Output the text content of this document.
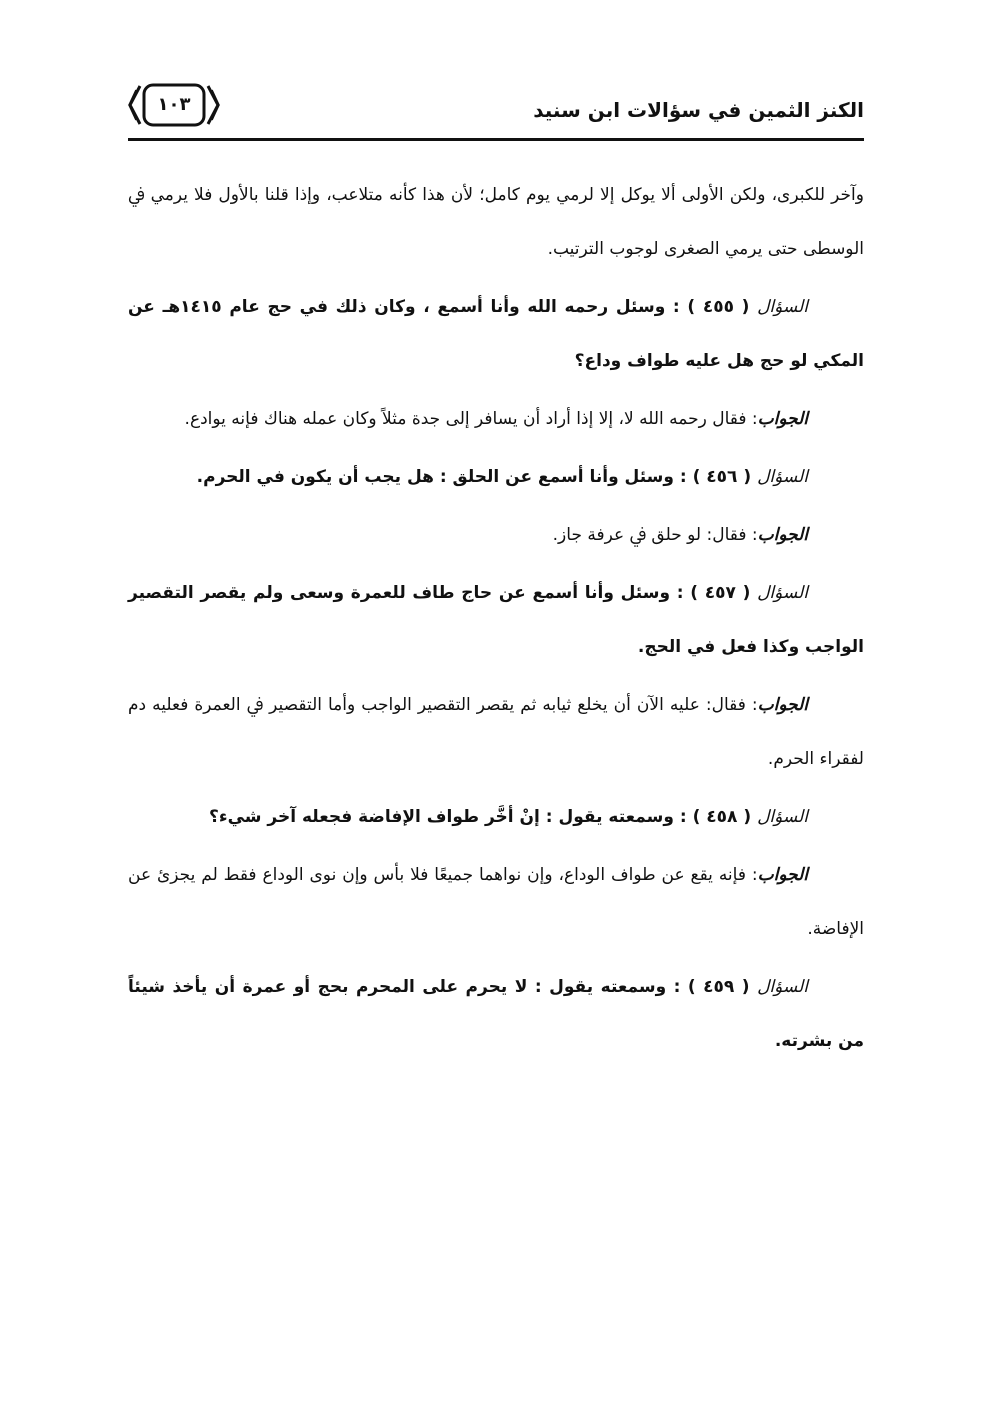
١٠٣	الكنز الثمين في سؤالات ابن سنيد

وآخر للكبرى، ولكن الأولى ألا يوكل إلا لرمي يوم كامل؛ لأن هذا كأنه متلاعب، وإذا قلنا بالأول فلا يرمي ﰲ الوسطى حتى يرمي الصغرى لوجوب الترتيب.

السؤال ( ٤٥٥ ) : وسئل رحمه الله وأنا أسمع ، وكان ذلك في حج عام ١٤١٥هـ عن المكي لو حج هل عليه طواف وداع؟

الجواب: فقال رحمه الله لا، إلا إذا أراد أن يسافر إلى جدة مثلاً وكان عمله هناك فإنه يوادع.

السؤال ( ٤٥٦ ) : وسئل وأنا أسمع عن الحلق : هل يجب أن يكون في الحرم.

الجواب: فقال: لو حلق ﰲ عرفة جاز.

السؤال ( ٤٥٧ ) : وسئل وأنا أسمع عن حاج طاف للعمرة وسعى ولم يقصر التقصير الواجب وكذا فعل في الحج.

الجواب: فقال: عليه الآن أن يخلع ثيابه ثم يقصر التقصير الواجب وأما التقصير ﰲ العمرة فعليه دم لفقراء الحرم.

السؤال ( ٤٥٨ ) : وسمعته يقول : إنْ أخَّر طواف الإفاضة فجعله آخر شيء؟

الجواب: فإنه يقع عن طواف الوداع، وإن نواهما جميعًا فلا بأس وإن نوى الوداع فقط لم يجزئ عن الإفاضة.

السؤال ( ٤٥٩ ) : وسمعته يقول : لا يحرم على المحرم بحج أو عمرة أن يأخذ شيئاً من بشرته.
